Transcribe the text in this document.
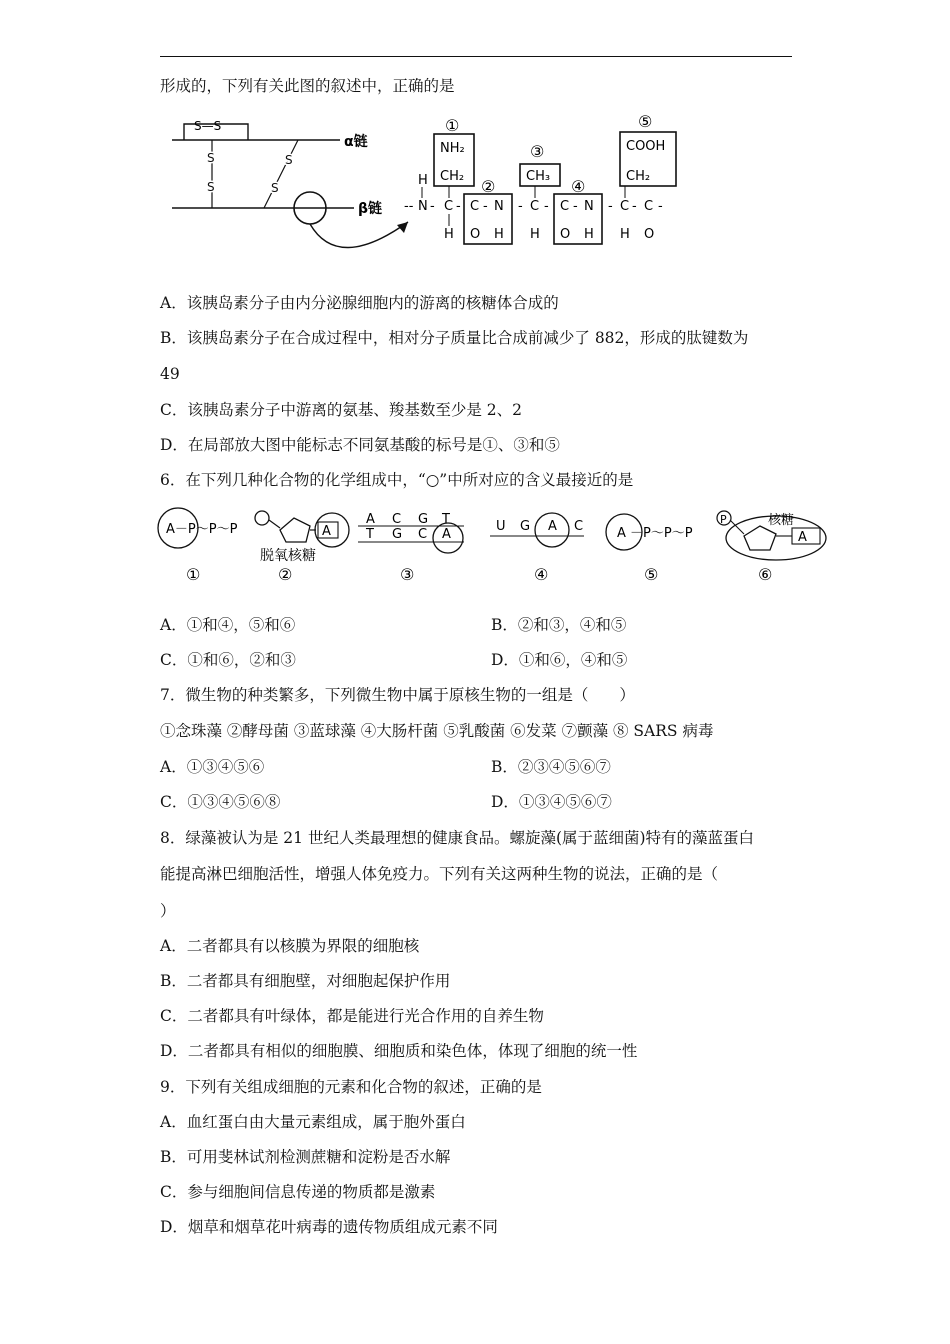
形成的，下列有关此图的叙述中，正确的是
α链
S—S
β链
S
S
S
S
--
H
N - C
H
NH₂
CH₂
①
- C - N
O H
②
- C
H
CH₃
③
- C - N
O H
④
- C
H
COOH
CH₂
⑤
- C
O
-
A．该胰岛素分子由内分泌腺细胞内的游离的核糖体合成的
B．该胰岛素分子在合成过程中，相对分子质量比合成前减少了 882，形成的肽键数为
49
C．该胰岛素分子中游离的氨基、羧基数至少是 2、2
D．在局部放大图中能标志不同氨基酸的标号是①、③和⑤
6．在下列几种化合物的化学组成中，“○”中所对应的含义最接近的是
A－P～P～P
①
A
脱氧核糖
②
A C G T
T G C A
③
U G A C
④
A －P～P～P
⑤
P
A
核糖
⑥
A．①和④，⑤和⑥	B．②和③，④和⑤
C．①和⑥，②和③	D．①和⑥，④和⑤
7．微生物的种类繁多，下列微生物中属于原核生物的一组是（　　）
①念珠藻 ②酵母菌 ③蓝球藻 ④大肠杆菌 ⑤乳酸菌 ⑥发菜 ⑦颤藻 ⑧ SARS 病毒
A．①③④⑤⑥	B．②③④⑤⑥⑦
C．①③④⑤⑥⑧	D．①③④⑤⑥⑦
8．绿藻被认为是 21 世纪人类最理想的健康食品。螺旋藻(属于蓝细菌)特有的藻蓝蛋白
能提高淋巴细胞活性，增强人体免疫力。下列有关这两种生物的说法，正确的是（
）
A．二者都具有以核膜为界限的细胞核
B．二者都具有细胞壁，对细胞起保护作用
C．二者都具有叶绿体，都是能进行光合作用的自养生物
D．二者都具有相似的细胞膜、细胞质和染色体，体现了细胞的统一性
9．下列有关组成细胞的元素和化合物的叙述，正确的是
A．血红蛋白由大量元素组成，属于胞外蛋白
B．可用斐林试剂检测蔗糖和淀粉是否水解
C．参与细胞间信息传递的物质都是激素
D．烟草和烟草花叶病毒的遗传物质组成元素不同
